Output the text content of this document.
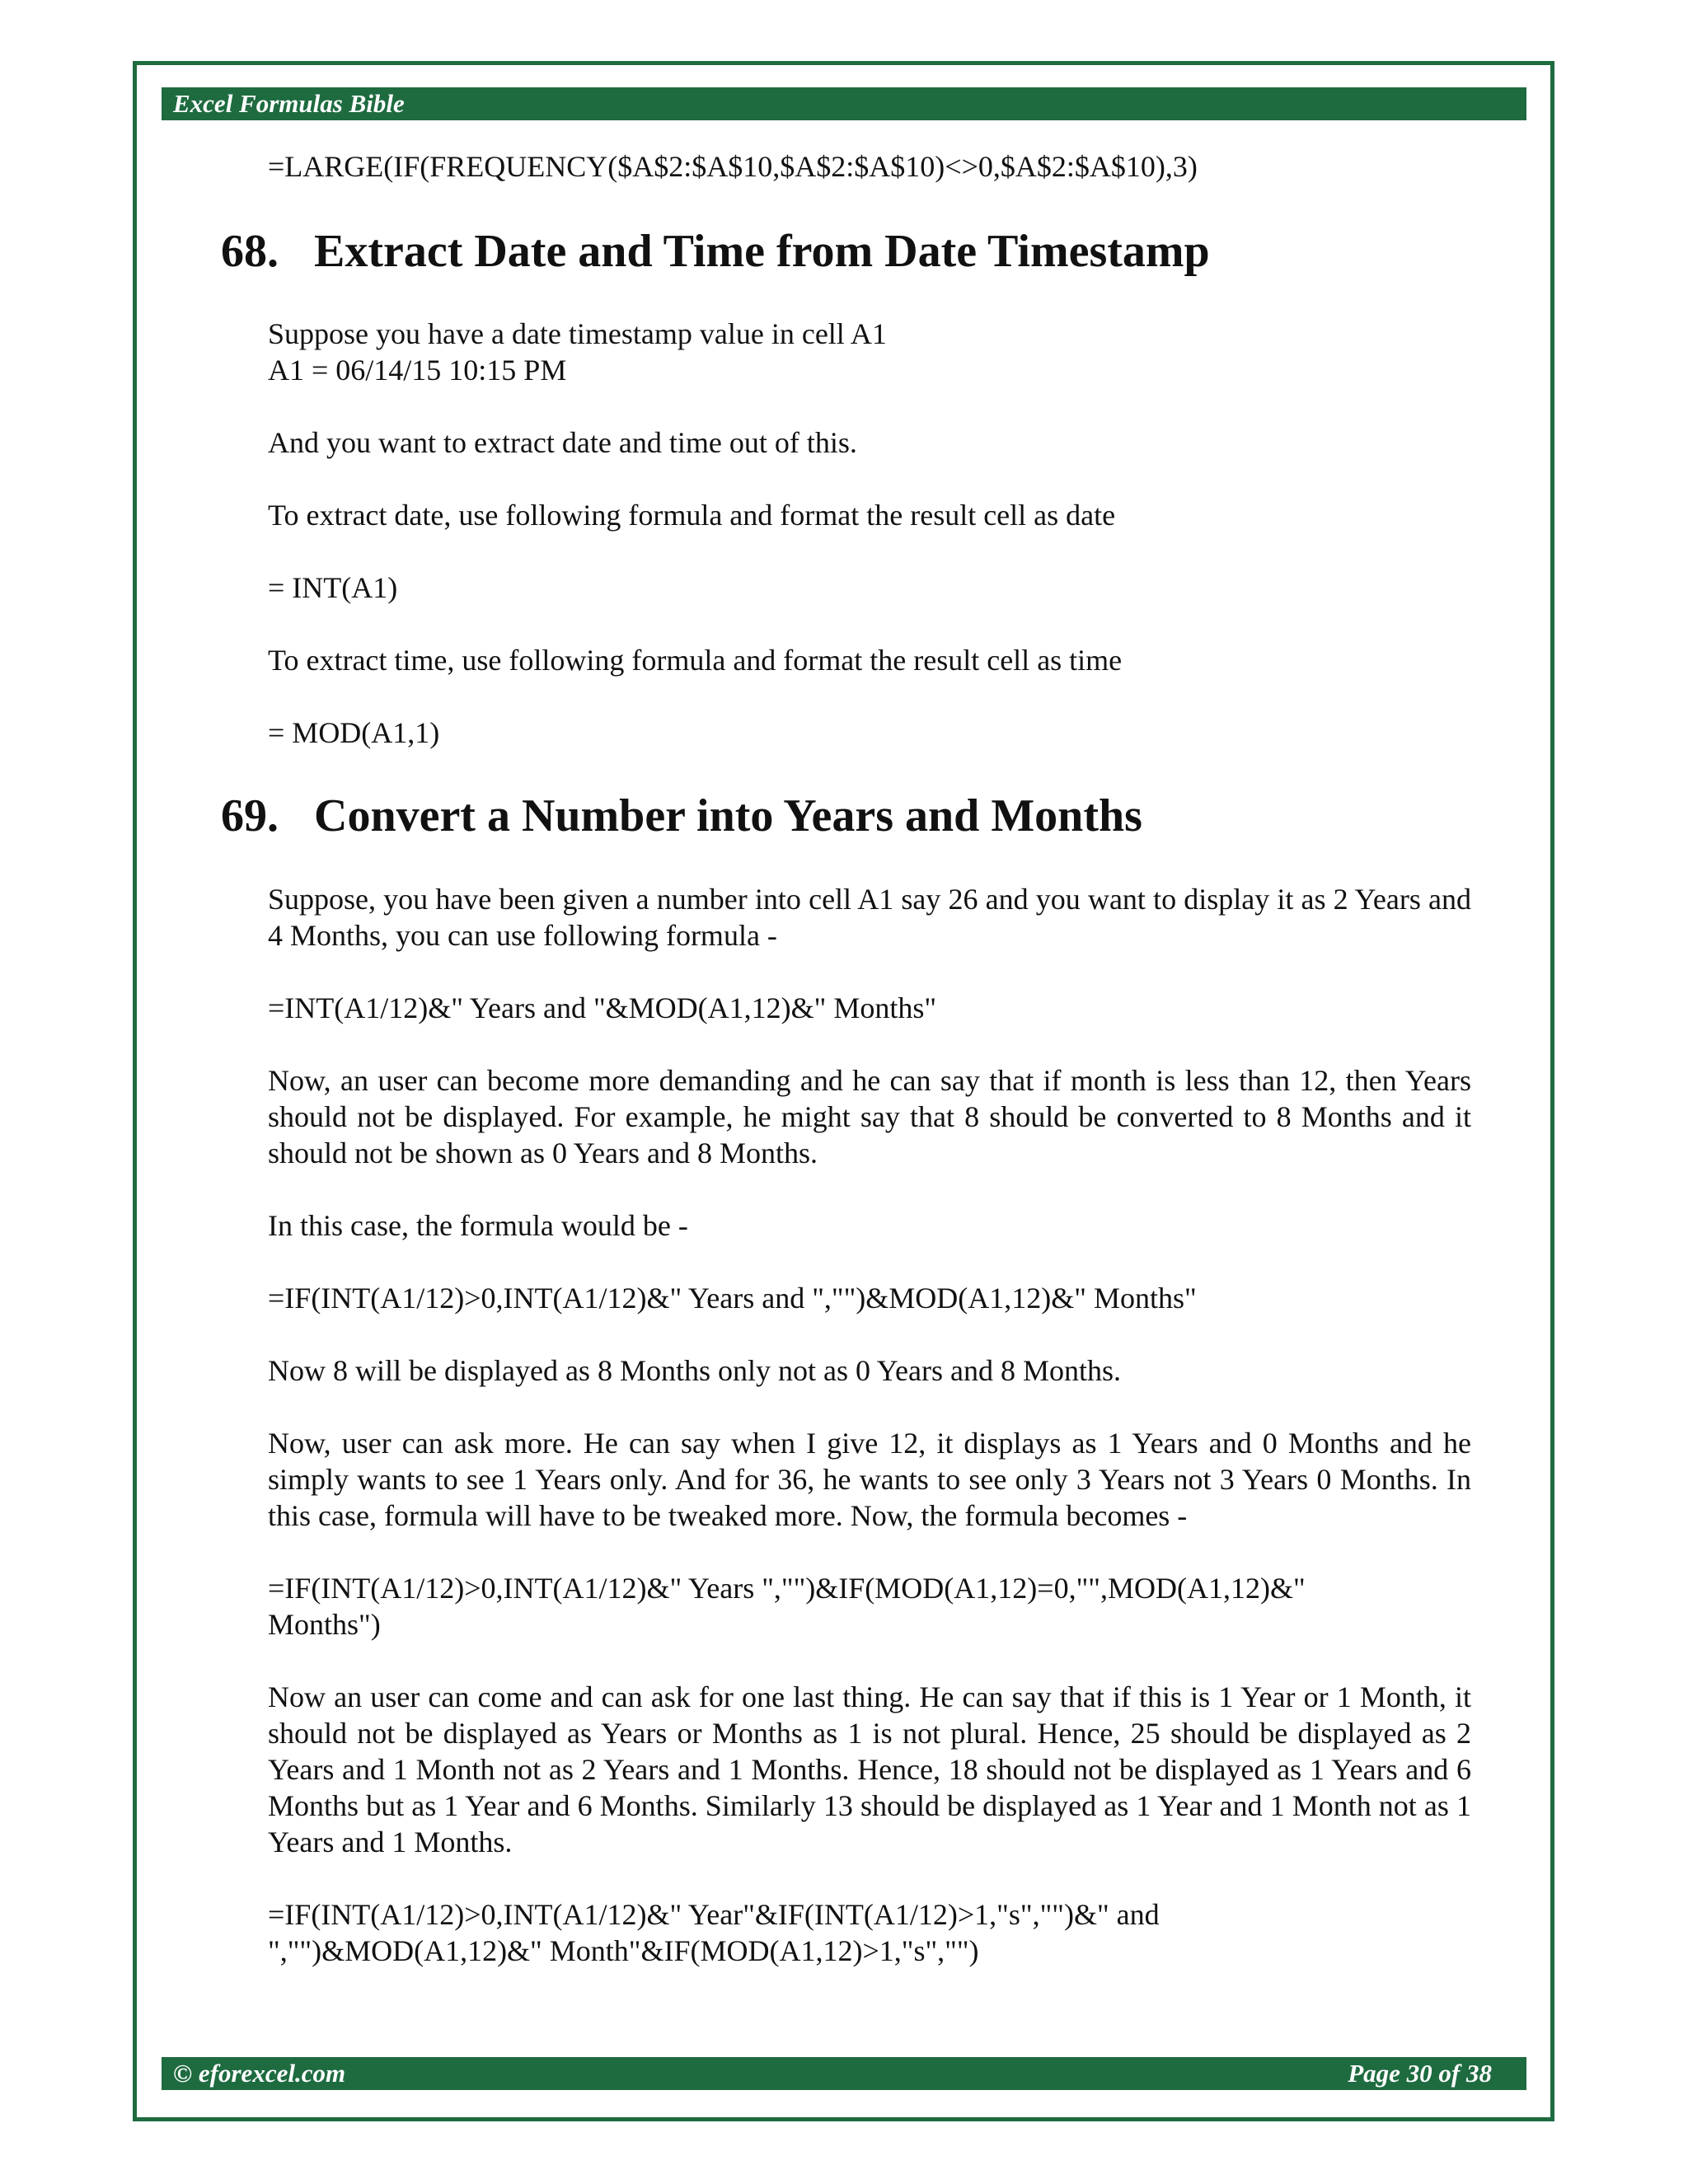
Excel Formulas Bible

=LARGE(IF(FREQUENCY($A$2:$A$10,$A$2:$A$10)<>0,$A$2:$A$10),3)

68. Extract Date and Time from Date Timestamp

Suppose you have a date timestamp value in cell A1

A1 = 06/14/15 10:15 PM

And you want to extract date and time out of this.

To extract date, use following formula and format the result cell as date

= INT(A1)

To extract time, use following formula and format the result cell as time

= MOD(A1,1)

69. Convert a Number into Years and Months

Suppose, you have been given a number into cell A1 say 26 and you want to display it as 2 Years and 4 Months, you can use following formula -

=INT(A1/12)&" Years and "&MOD(A1,12)&" Months"

Now, an user can become more demanding and he can say that if month is less than 12, then Years should not be displayed. For example, he might say that 8 should be converted to 8 Months and it should not be shown as 0 Years and 8 Months.

In this case, the formula would be -

=IF(INT(A1/12)>0,INT(A1/12)&" Years and ","")&MOD(A1,12)&" Months"

Now 8 will be displayed as 8 Months only not as 0 Years and 8 Months.

Now, user can ask more. He can say when I give 12, it displays as 1 Years and 0 Months and he simply wants to see 1 Years only. And for 36, he wants to see only 3 Years not 3 Years 0 Months. In this case, formula will have to be tweaked more. Now, the formula becomes -

=IF(INT(A1/12)>0,INT(A1/12)&" Years ","")&IF(MOD(A1,12)=0,"",MOD(A1,12)&"

Months")

Now an user can come and can ask for one last thing. He can say that if this is 1 Year or 1 Month, it should not be displayed as Years or Months as 1 is not plural. Hence, 25 should be displayed as 2 Years and 1 Month not as 2 Years and 1 Months. Hence, 18 should not be displayed as 1 Years and 6 Months but as 1 Year and 6 Months. Similarly 13 should be displayed as 1 Year and 1 Month not as 1 Years and 1 Months.

=IF(INT(A1/12)>0,INT(A1/12)&" Year"&IF(INT(A1/12)>1,"s","")&" and

","")&MOD(A1,12)&" Month"&IF(MOD(A1,12)>1,"s","")

© eforexcel.com	Page 30 of 38
